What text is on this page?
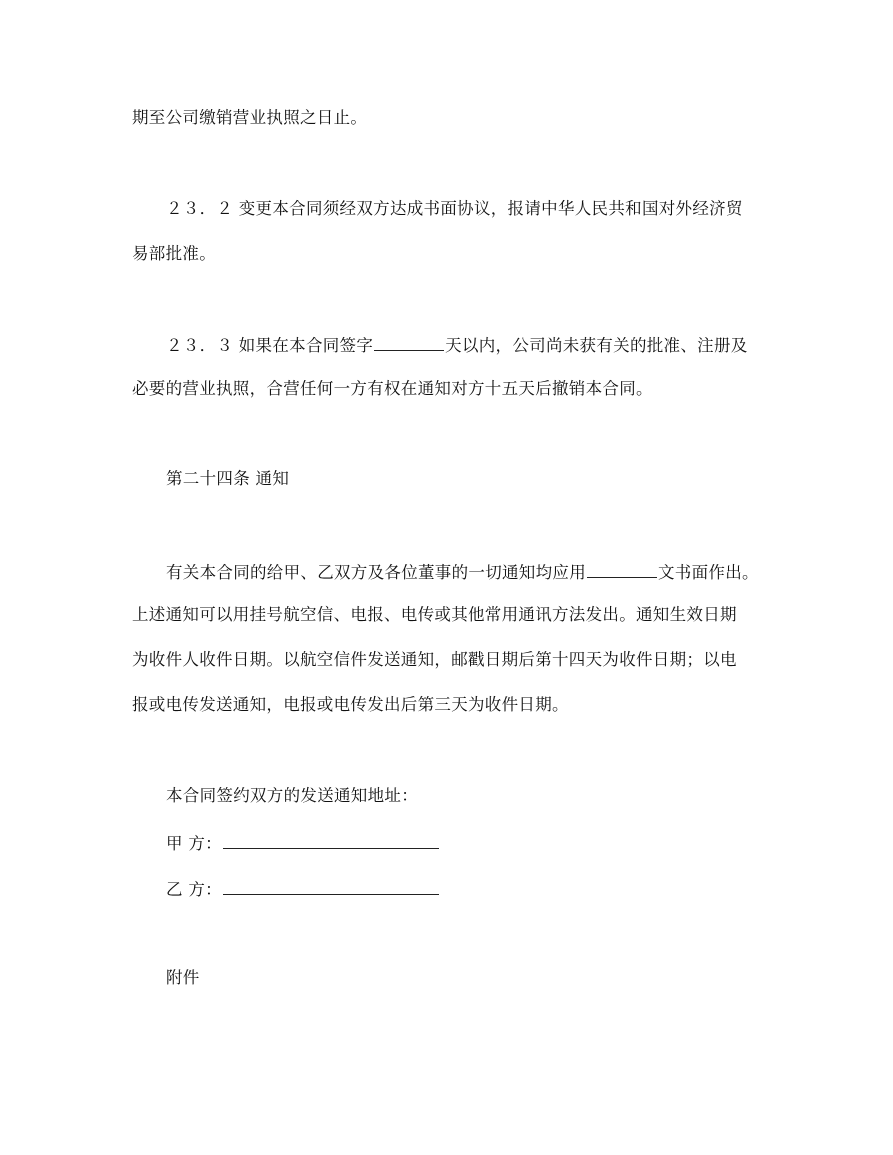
期至公司缴销营业执照之日止。
２３．２ 变更本合同须经双方达成书面协议，报请中华人民共和国对外经济贸
易部批准。
２３．３ 如果在本合同签字	天以内，公司尚未获有关的批准、注册及
必要的营业执照，合营任何一方有权在通知对方十五天后撤销本合同。
第二十四条 通知
有关本合同的给甲、乙双方及各位董事的一切通知均应用	文书面作出。
上述通知可以用挂号航空信、电报、电传或其他常用通讯方法发出。通知生效日期
为收件人收件日期。以航空信件发送通知，邮戳日期后第十四天为收件日期；以电
报或电传发送通知，电报或电传发出后第三天为收件日期。
本合同签约双方的发送通知地址：
甲 方：
乙 方：
附件
